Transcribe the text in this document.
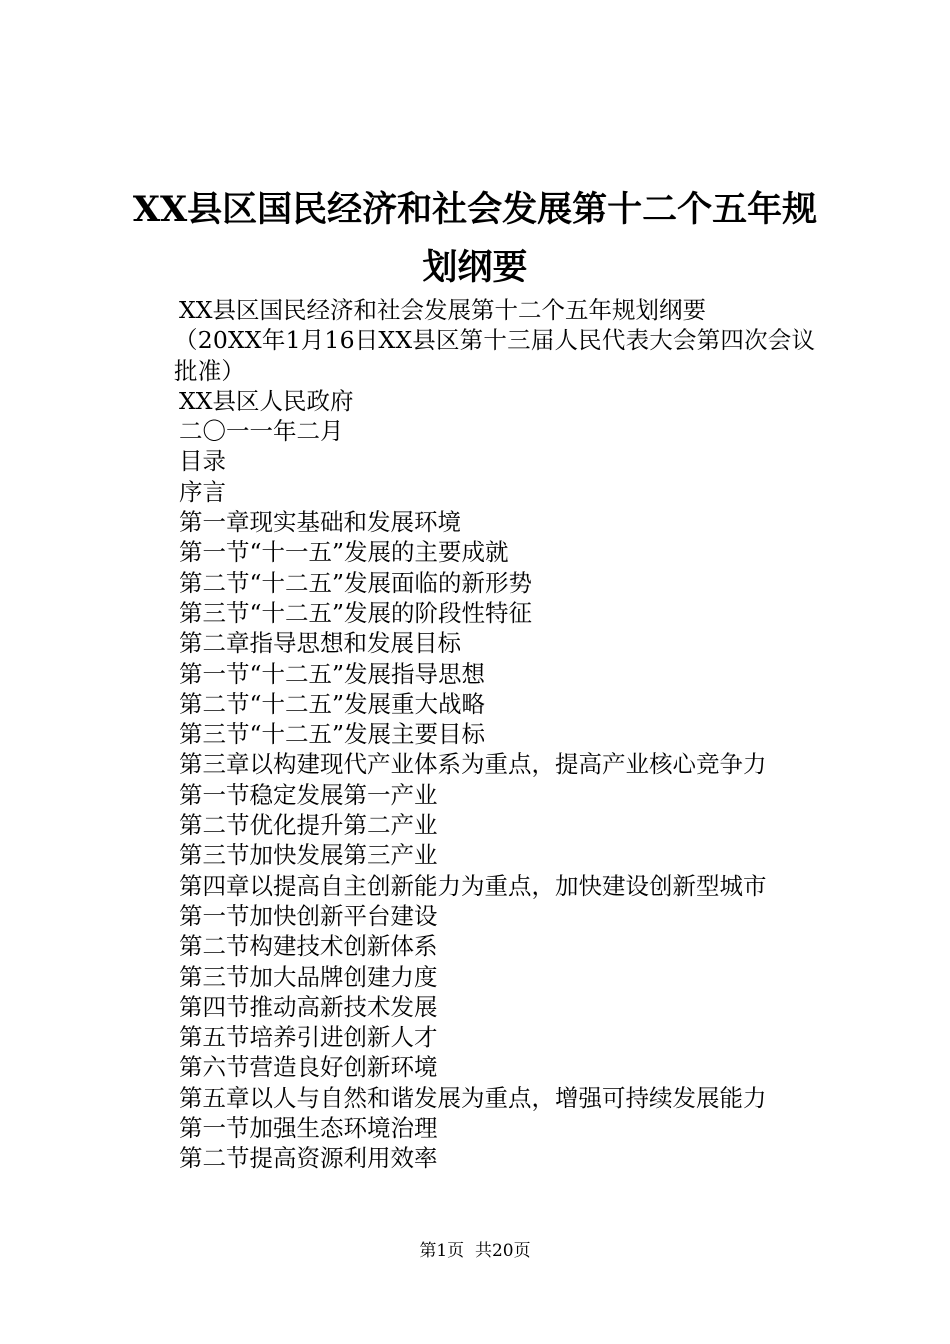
XX县区国民经济和社会发展第十二个五年规
划纲要
XX县区国民经济和社会发展第十二个五年规划纲要
（20XX年1月16日XX县区第十三届人民代表大会第四次会议批准）
XX县区人民政府
二〇一一年二月
目录
序言
第一章现实基础和发展环境
第一节“十一五”发展的主要成就
第二节“十二五”发展面临的新形势
第三节“十二五”发展的阶段性特征
第二章指导思想和发展目标
第一节“十二五”发展指导思想
第二节“十二五”发展重大战略
第三节“十二五”发展主要目标
第三章以构建现代产业体系为重点，提高产业核心竞争力
第一节稳定发展第一产业
第二节优化提升第二产业
第三节加快发展第三产业
第四章以提高自主创新能力为重点，加快建设创新型城市
第一节加快创新平台建设
第二节构建技术创新体系
第三节加大品牌创建力度
第四节推动高新技术发展
第五节培养引进创新人才
第六节营造良好创新环境
第五章以人与自然和谐发展为重点，增强可持续发展能力
第一节加强生态环境治理
第二节提高资源利用效率
第1页  共20页
